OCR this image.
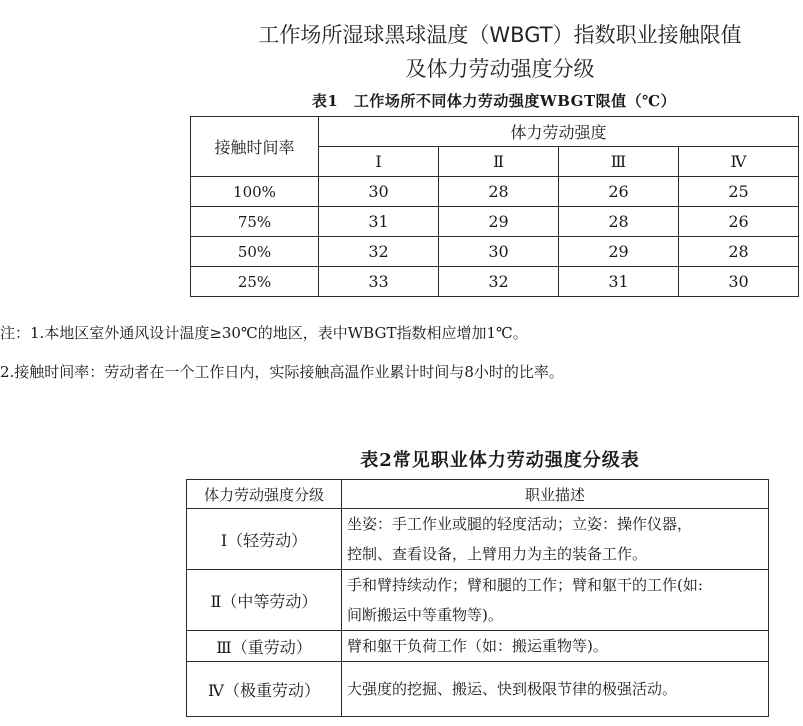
工作场所湿球黑球温度（WBGT）指数职业接触限值
及体力劳动强度分级
表1　工作场所不同体力劳动强度WBGT限值（℃）
接触时间率	体力劳动强度			
	Ⅰ	Ⅱ	Ⅲ	Ⅳ
100%	30	28	26	25
75%	31	29	28	26
50%	32	30	29	28
25%	33	32	31	30
注：1.本地区室外通风设计温度≥30℃的地区，表中WBGT指数相应增加1℃。
2.接触时间率：劳动者在一个工作日内，实际接触高温作业累计时间与8小时的比率。
表2常见职业体力劳动强度分级表
体力劳动强度分级	职业描述
Ⅰ（轻劳动）	坐姿：手工作业或腿的轻度活动；立姿：操作仪器，
控制、查看设备，上臂用力为主的装备工作。

Ⅱ（中等劳动）	手和臂持续动作；臂和腿的工作；臂和躯干的工作(如:
间断搬运中等重物等)。

Ⅲ（重劳动）	臂和躯干负荷工作（如：搬运重物等)。

Ⅳ（极重劳动）	大强度的挖掘、搬运、快到极限节律的极强活动。
